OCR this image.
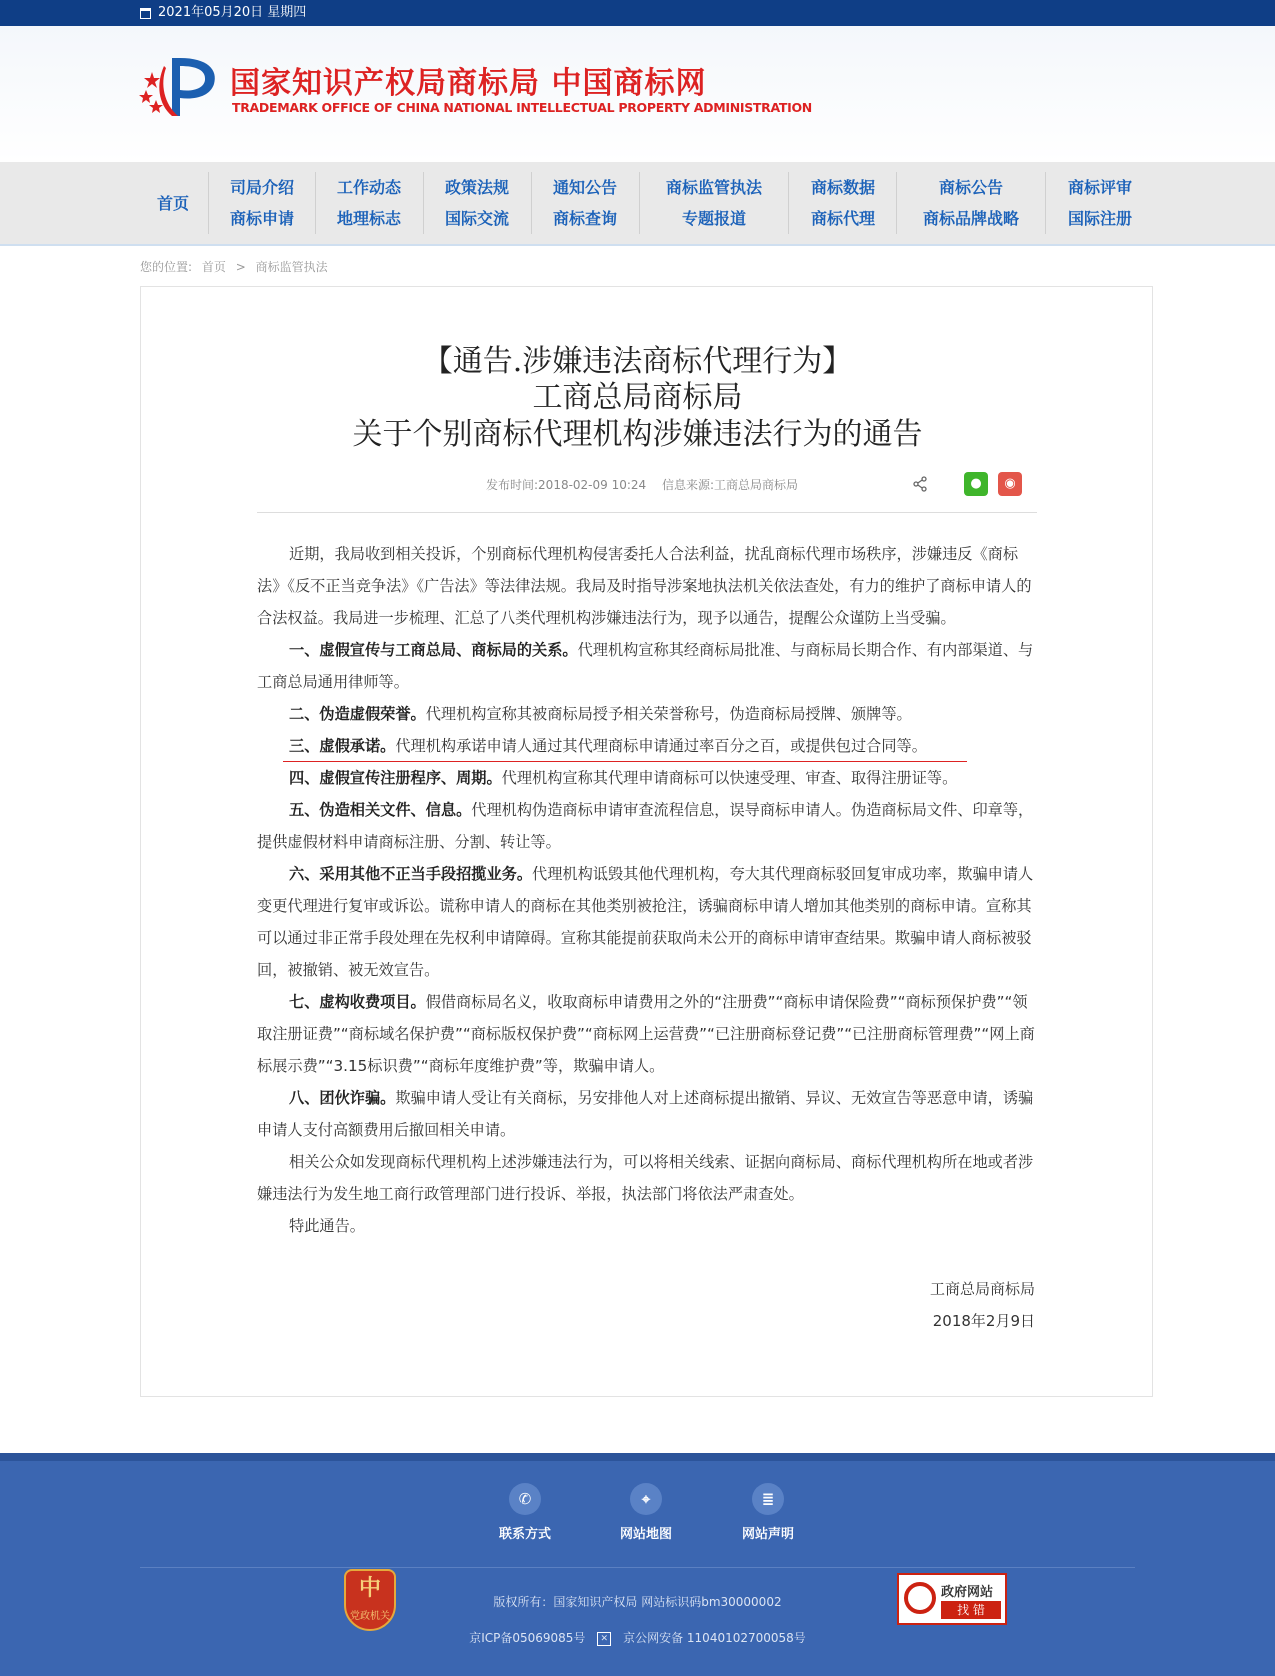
2021年05月20日 星期四
国家知识产权局商标局 中国商标网
TRADEMARK OFFICE OF CHINA NATIONAL INTELLECTUAL PROPERTY ADMINISTRATION
首页
司局介绍
商标申请
工作动态
地理标志
政策法规
国际交流
通知公告
商标查询
商标监管执法
专题报道
商标数据
商标代理
商标公告
商标品牌战略
商标评审
国际注册
您的位置: 首页 > 商标监管执法
【通告.涉嫌违法商标代理行为】
工商总局商标局
关于个别商标代理机构涉嫌违法行为的通告
发布时间:2018-02-09 10:24 信息来源:工商总局商标局	●	◉

近期，我局收到相关投诉，个别商标代理机构侵害委托人合法利益，扰乱商标代理市场秩序，涉嫌违反《商标法》《反不正当竞争法》《广告法》等法律法规。我局及时指导涉案地执法机关依法查处，有力的维护了商标申请人的合法权益。我局进一步梳理、汇总了八类代理机构涉嫌违法行为，现予以通告，提醒公众谨防上当受骗。

一、虚假宣传与工商总局、商标局的关系。代理机构宣称其经商标局批准、与商标局长期合作、有内部渠道、与工商总局通用律师等。

二、伪造虚假荣誉。代理机构宣称其被商标局授予相关荣誉称号，伪造商标局授牌、颁牌等。

三、虚假承诺。代理机构承诺申请人通过其代理商标申请通过率百分之百，或提供包过合同等。

四、虚假宣传注册程序、周期。代理机构宣称其代理申请商标可以快速受理、审查、取得注册证等。

五、伪造相关文件、信息。代理机构伪造商标申请审查流程信息，误导商标申请人。伪造商标局文件、印章等，提供虚假材料申请商标注册、分割、转让等。

六、采用其他不正当手段招揽业务。代理机构诋毁其他代理机构，夸大其代理商标驳回复审成功率，欺骗申请人变更代理进行复审或诉讼。谎称申请人的商标在其他类别被抢注，诱骗商标申请人增加其他类别的商标申请。宣称其可以通过非正常手段处理在先权利申请障碍。宣称其能提前获取尚未公开的商标申请审查结果。欺骗申请人商标被驳回，被撤销、被无效宣告。

七、虚构收费项目。假借商标局名义，收取商标申请费用之外的“注册费”“商标申请保险费”“商标预保护费”“领取注册证费”“商标域名保护费”“商标版权保护费”“商标网上运营费”“已注册商标登记费”“已注册商标管理费”“网上商标展示费”“3.15标识费”“商标年度维护费”等，欺骗申请人。

八、团伙诈骗。欺骗申请人受让有关商标，另安排他人对上述商标提出撤销、异议、无效宣告等恶意申请，诱骗申请人支付高额费用后撤回相关申请。

相关公众如发现商标代理机构上述涉嫌违法行为，可以将相关线索、证据向商标局、商标代理机构所在地或者涉嫌违法行为发生地工商行政管理部门进行投诉、举报，执法部门将依法严肃查处。

特此通告。

工商总局商标局
2018年2月9日
✆
联系方式
⌖
网站地图
≣
网站声明
中
党政机关
版权所有：国家知识产权局 网站标识码bm30000002
京ICP备05069085号 ✕ 京公网安备 11040102700058号
政府网站
找 错
